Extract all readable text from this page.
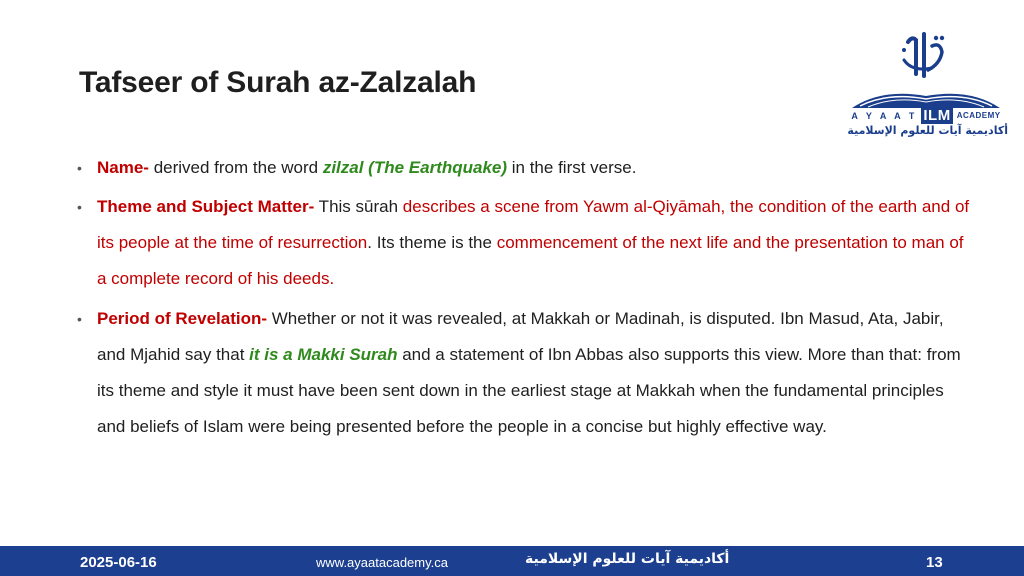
Tafseer of Surah az-Zalzalah
A Y A A T ILM ACADEMY
أكاديمية آيات للعلوم الإسلامية
• Name- derived from the word zilzal (The Earthquake) in the first verse.
• Theme and Subject Matter- This sūrah describes a scene from Yawm al-Qiyāmah, the condition of the earth and of its people at the time of resurrection. Its theme is the commencement of the next life and the presentation to man of a complete record of his deeds.
• Period of Revelation- Whether or not it was revealed, at Makkah or Madinah, is disputed. Ibn Masud, Ata, Jabir, and Mjahid say that it is a Makki Surah and a statement of Ibn Abbas also supports this view. More than that: from its theme and style it must have been sent down in the earliest stage at Makkah when the fundamental principles and beliefs of Islam were being presented before the people in a concise but highly effective way.
2025-06-16	www.ayaatacademy.ca	أكاديمية آيات للعلوم الإسلامية	13
